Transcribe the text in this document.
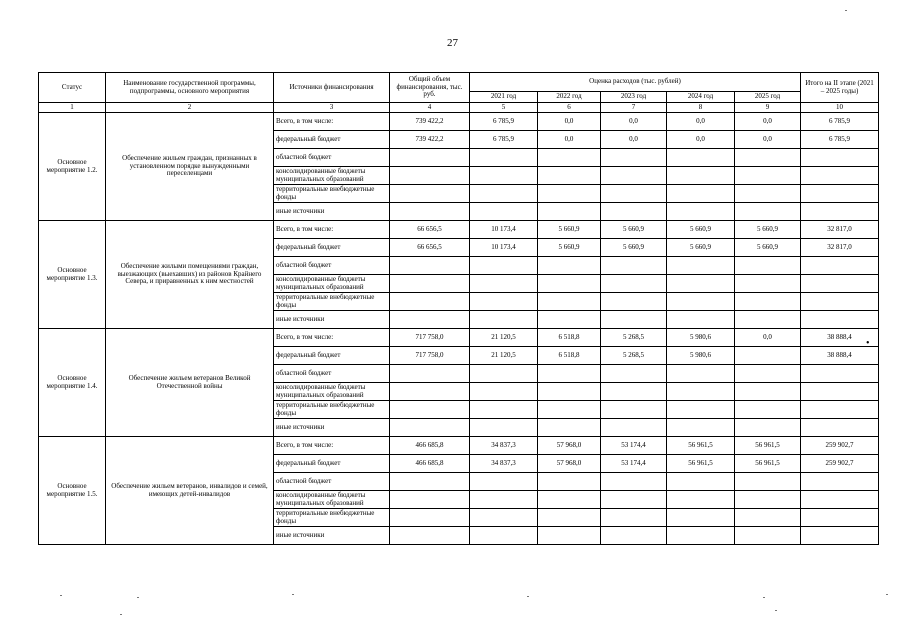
27
Статус	Наименование государственной программы, подпрограммы, основного мероприятия	Источники финансирования	Общий объем финансирования, тыс. руб.	Оценка расходов (тыс. рублей)					Итого на II этапе (2021 – 2025 годы)
				2021 год	2022 год	2023 год	2024 год	2025 год	
1	2	3	4	5	6	7	8	9	10
Основное мероприятие 1.2.	Обеспечение жильем граждан, признанных в установленном порядке вынужденными переселенцами	Всего, в том числе:	739 422,2	6 785,9	0,0	0,0	0,0	0,0	6 785,9
		федеральный бюджет	739 422,2	6 785,9	0,0	0,0	0,0	0,0	6 785,9
		областной бюджет							
		консолидированные бюджеты муниципальных образований							
		территориальные внебюджетные фонды							
		иные источники							
Основное мероприятие 1.3.	Обеспечение жилыми помещениями граждан, выезжающих (выехавших) из районов Крайнего Севера, и приравненных к ним местностей	Всего, в том числе:	66 656,5	10 173,4	5 660,9	5 660,9	5 660,9	5 660,9	32 817,0
		федеральный бюджет	66 656,5	10 173,4	5 660,9	5 660,9	5 660,9	5 660,9	32 817,0
		областной бюджет							
		консолидированные бюджеты муниципальных образований							
		территориальные внебюджетные фонды							
		иные источники							
Основное мероприятие 1.4.	Обеспечение жильем ветеранов Великой Отечественной войны	Всего, в том числе:	717 758,0	21 120,5	6 518,8	5 268,5	5 980,6	0,0	38 888,4
		федеральный бюджет	717 758,0	21 120,5	6 518,8	5 268,5	5 980,6		38 888,4
		областной бюджет							
		консолидированные бюджеты муниципальных образований							
		территориальные внебюджетные фонды							
		иные источники							
Основное мероприятие 1.5.	Обеспечение жильем ветеранов, инвалидов и семей, имеющих детей-инвалидов	Всего, в том числе:	466 685,8	34 837,3	57 968,0	53 174,4	56 961,5	56 961,5	259 902,7
		федеральный бюджет	466 685,8	34 837,3	57 968,0	53 174,4	56 961,5	56 961,5	259 902,7
		областной бюджет							
		консолидированные бюджеты муниципальных образований							
		территориальные внебюджетные фонды							
		иные источники							
•
